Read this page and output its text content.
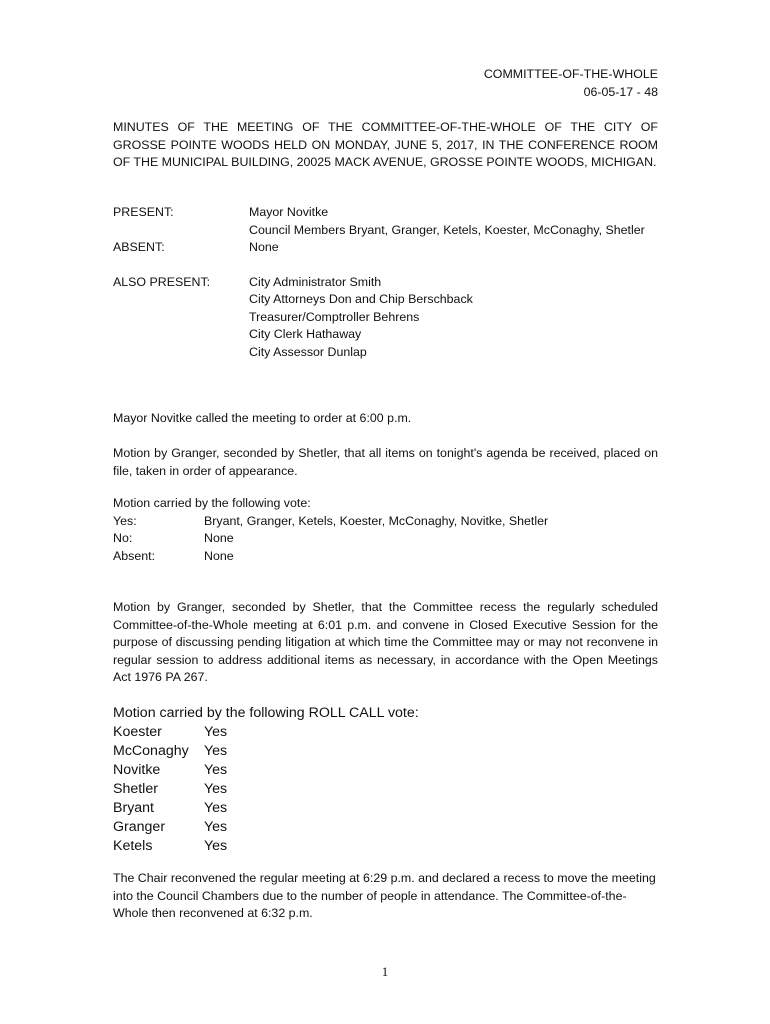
COMMITTEE-OF-THE-WHOLE
06-05-17 - 48
MINUTES OF THE MEETING OF THE COMMITTEE-OF-THE-WHOLE OF THE CITY OF GROSSE POINTE WOODS HELD ON MONDAY, JUNE 5, 2017, IN THE CONFERENCE ROOM OF THE MUNICIPAL BUILDING, 20025 MACK AVENUE, GROSSE POINTE WOODS, MICHIGAN.
PRESENT:	Mayor Novitke
Council Members Bryant, Granger, Ketels, Koester, McConaghy, Shetler
ABSENT:	None
ALSO PRESENT:	City Administrator Smith
City Attorneys Don and Chip Berschback
Treasurer/Comptroller Behrens
City Clerk Hathaway
City Assessor Dunlap
Mayor Novitke called the meeting to order at 6:00 p.m.
Motion by Granger, seconded by Shetler, that all items on tonight's agenda be received, placed on file, taken in order of appearance.
Motion carried by the following vote:
Yes:	Bryant, Granger, Ketels, Koester, McConaghy, Novitke, Shetler
No:	None
Absent:	None
Motion by Granger, seconded by Shetler, that the Committee recess the regularly scheduled Committee-of-the-Whole meeting at 6:01 p.m. and convene in Closed Executive Session for the purpose of discussing pending litigation at which time the Committee may or may not reconvene in regular session to address additional items as necessary, in accordance with the Open Meetings Act 1976 PA 267.
Motion carried by the following ROLL CALL vote:
Koester	Yes
McConaghy	Yes
Novitke	Yes
Shetler	Yes
Bryant	Yes
Granger	Yes
Ketels	Yes
The Chair reconvened the regular meeting at 6:29 p.m. and declared a recess to move the meeting into the Council Chambers due to the number of people in attendance. The Committee-of-the-Whole then reconvened at 6:32 p.m.
1
